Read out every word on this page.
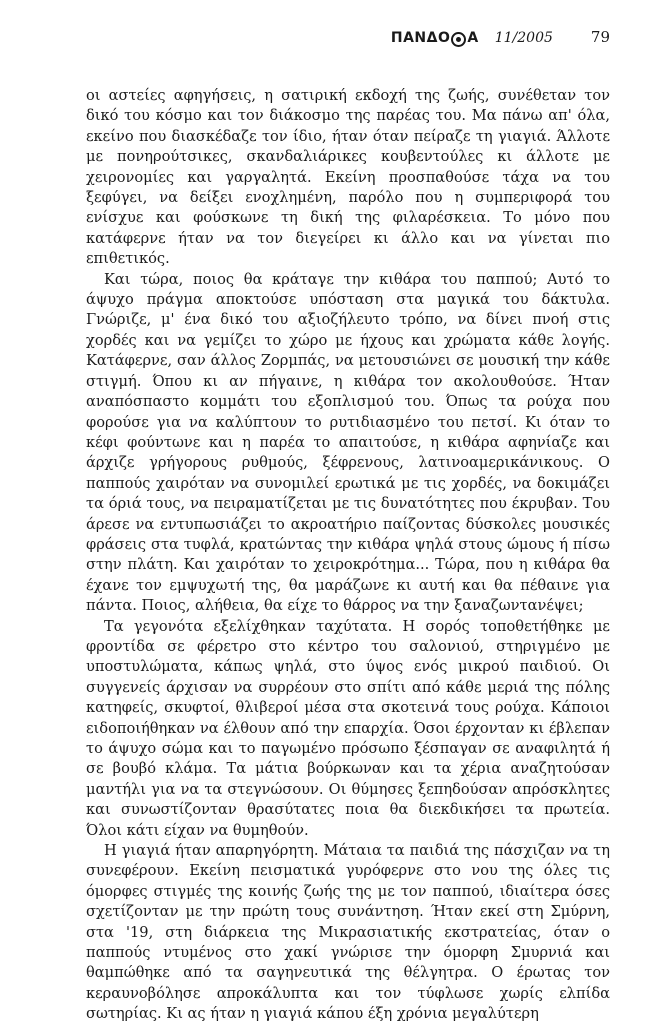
ΠΑΝΔΟ Α 11/2005	79

οι αστείες αφηγήσεις, η σατιρική εκδοχή της ζωής, συνέθεταν τον δικό του κόσμο και τον διάκοσμο της παρέας του. Μα πάνω απ' όλα, εκείνο που διασκέδαζε τον ίδιο, ήταν όταν πείραζε τη γιαγιά. Άλλοτε με πονηρούτσικες, σκανδαλιάρικες κουβεντούλες κι άλλοτε με χειρονομίες και γαργαλητά. Εκείνη προσπαθούσε τάχα να του ξεφύγει, να δείξει ενοχλημένη, παρόλο που η συμπεριφορά του ενίσχυε και φούσκωνε τη δική της φιλαρέσκεια. Το μόνο που κατάφερνε ήταν να τον διεγείρει κι άλλο και να γίνεται πιο επιθετικός.

Και τώρα, ποιος θα κράταγε την κιθάρα του παππού; Αυτό το άψυχο πράγμα αποκτούσε υπόσταση στα μαγικά του δάκτυλα. Γνώριζε, μ' ένα δικό του αξιοζήλευτο τρόπο, να δίνει πνοή στις χορδές και να γεμίζει το χώρο με ήχους και χρώματα κάθε λογής. Κατάφερνε, σαν άλλος Ζορμπάς, να μετουσιώνει σε μουσική την κάθε στιγμή. Όπου κι αν πήγαινε, η κιθάρα τον ακολουθούσε. Ήταν αναπόσπαστο κομμάτι του εξοπλισμού του. Όπως τα ρούχα που φορούσε για να καλύπτουν το ρυτιδιασμένο του πετσί. Κι όταν το κέφι φούντωνε και η παρέα το απαιτούσε, η κιθάρα αφηνίαζε και άρχιζε γρήγορους ρυθμούς, ξέφρενους, λατινοαμερικάνικους. Ο παππούς χαιρόταν να συνομιλεί ερωτικά με τις χορδές, να δοκιμάζει τα όριά τους, να πειραματίζεται με τις δυνατότητες που έκρυβαν. Του άρεσε να εντυπωσιάζει το ακροατήριο παίζοντας δύσκολες μουσικές φράσεις στα τυφλά, κρατώντας την κιθάρα ψηλά στους ώμους ή πίσω στην πλάτη. Και χαιρόταν το χειροκρότημα... Τώρα, που η κιθάρα θα έχανε τον εμψυχωτή της, θα μαράζωνε κι αυτή και θα πέθαινε για πάντα. Ποιος, αλήθεια, θα είχε το θάρρος να την ξαναζωντανέψει;

Τα γεγονότα εξελίχθηκαν ταχύτατα. Η σορός τοποθετήθηκε με φροντίδα σε φέρετρο στο κέντρο του σαλονιού, στηριγμένο με υποστυλώματα, κάπως ψηλά, στο ύψος ενός μικρού παιδιού. Οι συγγενείς άρχισαν να συρρέουν στο σπίτι από κάθε μεριά της πόλης κατηφείς, σκυφτοί, θλιβεροί μέσα στα σκοτεινά τους ρούχα. Κάποιοι ειδοποιήθηκαν να έλθουν από την επαρχία. Όσοι έρχονταν κι έβλεπαν το άψυχο σώμα και το παγωμένο πρόσωπο ξέσπαγαν σε αναφιλητά ή σε βουβό κλάμα. Τα μάτια βούρκωναν και τα χέρια αναζητούσαν μαντήλι για να τα στεγνώσουν. Οι θύμησες ξεπηδούσαν απρόσκλητες και συνωστίζονταν θρασύτατες ποια θα διεκδικήσει τα πρωτεία. Όλοι κάτι είχαν να θυμηθούν.

Η γιαγιά ήταν απαρηγόρητη. Μάταια τα παιδιά της πάσχιζαν να τη συνεφέρουν. Εκείνη πεισματικά γυρόφερνε στο νου της όλες τις όμορφες στιγμές της κοινής ζωής της με τον παππού, ιδιαίτερα όσες σχετίζονταν με την πρώτη τους συνάντηση. Ήταν εκεί στη Σμύρνη, στα '19, στη διάρκεια της Μικρασιατικής εκστρατείας, όταν ο παππούς ντυμένος στο χακί γνώρισε την όμορφη Σμυρνιά και θαμπώθηκε από τα σαγηνευτικά της θέλγητρα. Ο έρωτας τον κεραυνοβόλησε απροκάλυπτα και τον τύφλωσε χωρίς ελπίδα σωτηρίας. Κι ας ήταν η γιαγιά κάπου έξη χρόνια μεγαλύτερη
